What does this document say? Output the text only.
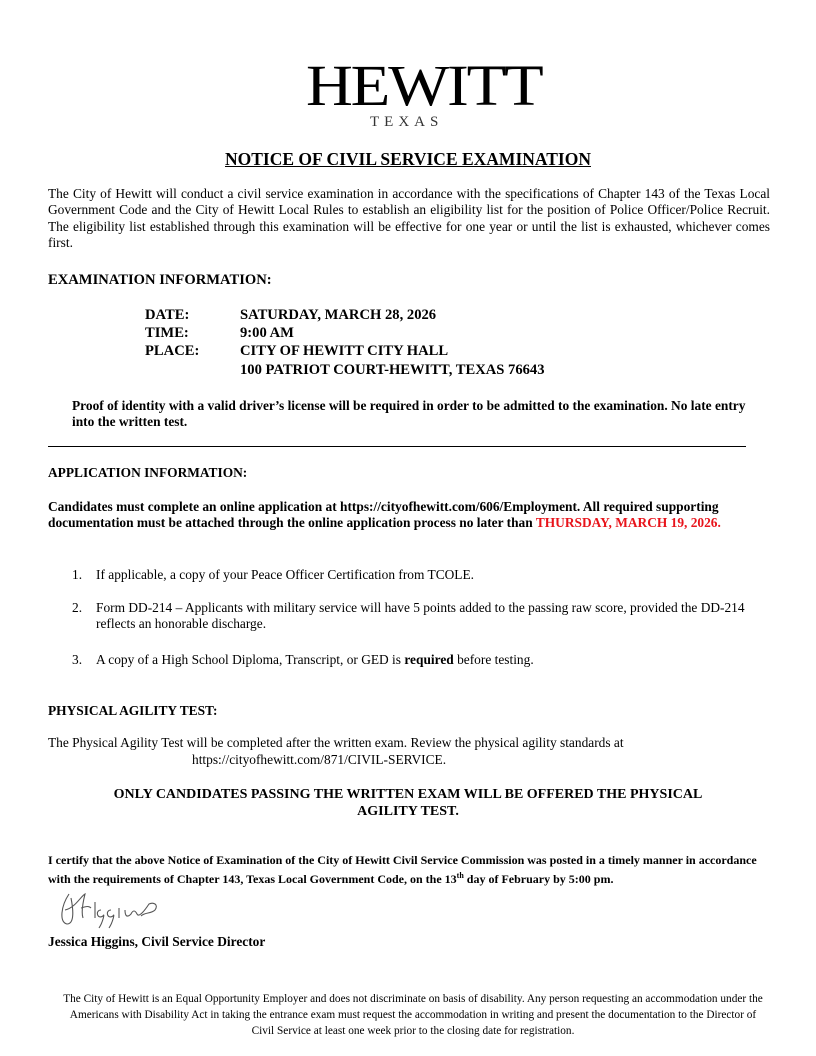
HEWITT
TEXAS
NOTICE OF CIVIL SERVICE EXAMINATION
The City of Hewitt will conduct a civil service examination in accordance with the specifications of Chapter 143 of the Texas Local Government Code and the City of Hewitt Local Rules to establish an eligibility list for the position of Police Officer/Police Recruit. The eligibility list established through this examination will be effective for one year or until the list is exhausted, whichever comes first.
EXAMINATION INFORMATION:
DATE:	SATURDAY, MARCH 28, 2026
TIME:	9:00 AM
PLACE:	CITY OF HEWITT CITY HALL
100 PATRIOT COURT-HEWITT, TEXAS 76643
Proof of identity with a valid driver’s license will be required in order to be admitted to the examination. No late entry into the written test.
APPLICATION INFORMATION:
Candidates must complete an online application at https://cityofhewitt.com/606/Employment. All required supporting documentation must be attached through the online application process no later than THURSDAY, MARCH 19, 2026.
1. If applicable, a copy of your Peace Officer Certification from TCOLE.
2. Form DD-214 – Applicants with military service will have 5 points added to the passing raw score, provided the DD-214 reflects an honorable discharge.
3. A copy of a High School Diploma, Transcript, or GED is required before testing.
PHYSICAL AGILITY TEST:
The Physical Agility Test will be completed after the written exam. Review the physical agility standards at
https://cityofhewitt.com/871/CIVIL-SERVICE.
ONLY CANDIDATES PASSING THE WRITTEN EXAM WILL BE OFFERED THE PHYSICAL AGILITY TEST.
I certify that the above Notice of Examination of the City of Hewitt Civil Service Commission was posted in a timely manner in accordance with the requirements of Chapter 143, Texas Local Government Code, on the 13th day of February by 5:00 pm.
Jessica Higgins, Civil Service Director
The City of Hewitt is an Equal Opportunity Employer and does not discriminate on basis of disability. Any person requesting an accommodation under the Americans with Disability Act in taking the entrance exam must request the accommodation in writing and present the documentation to the Director of Civil Service at least one week prior to the closing date for registration.
